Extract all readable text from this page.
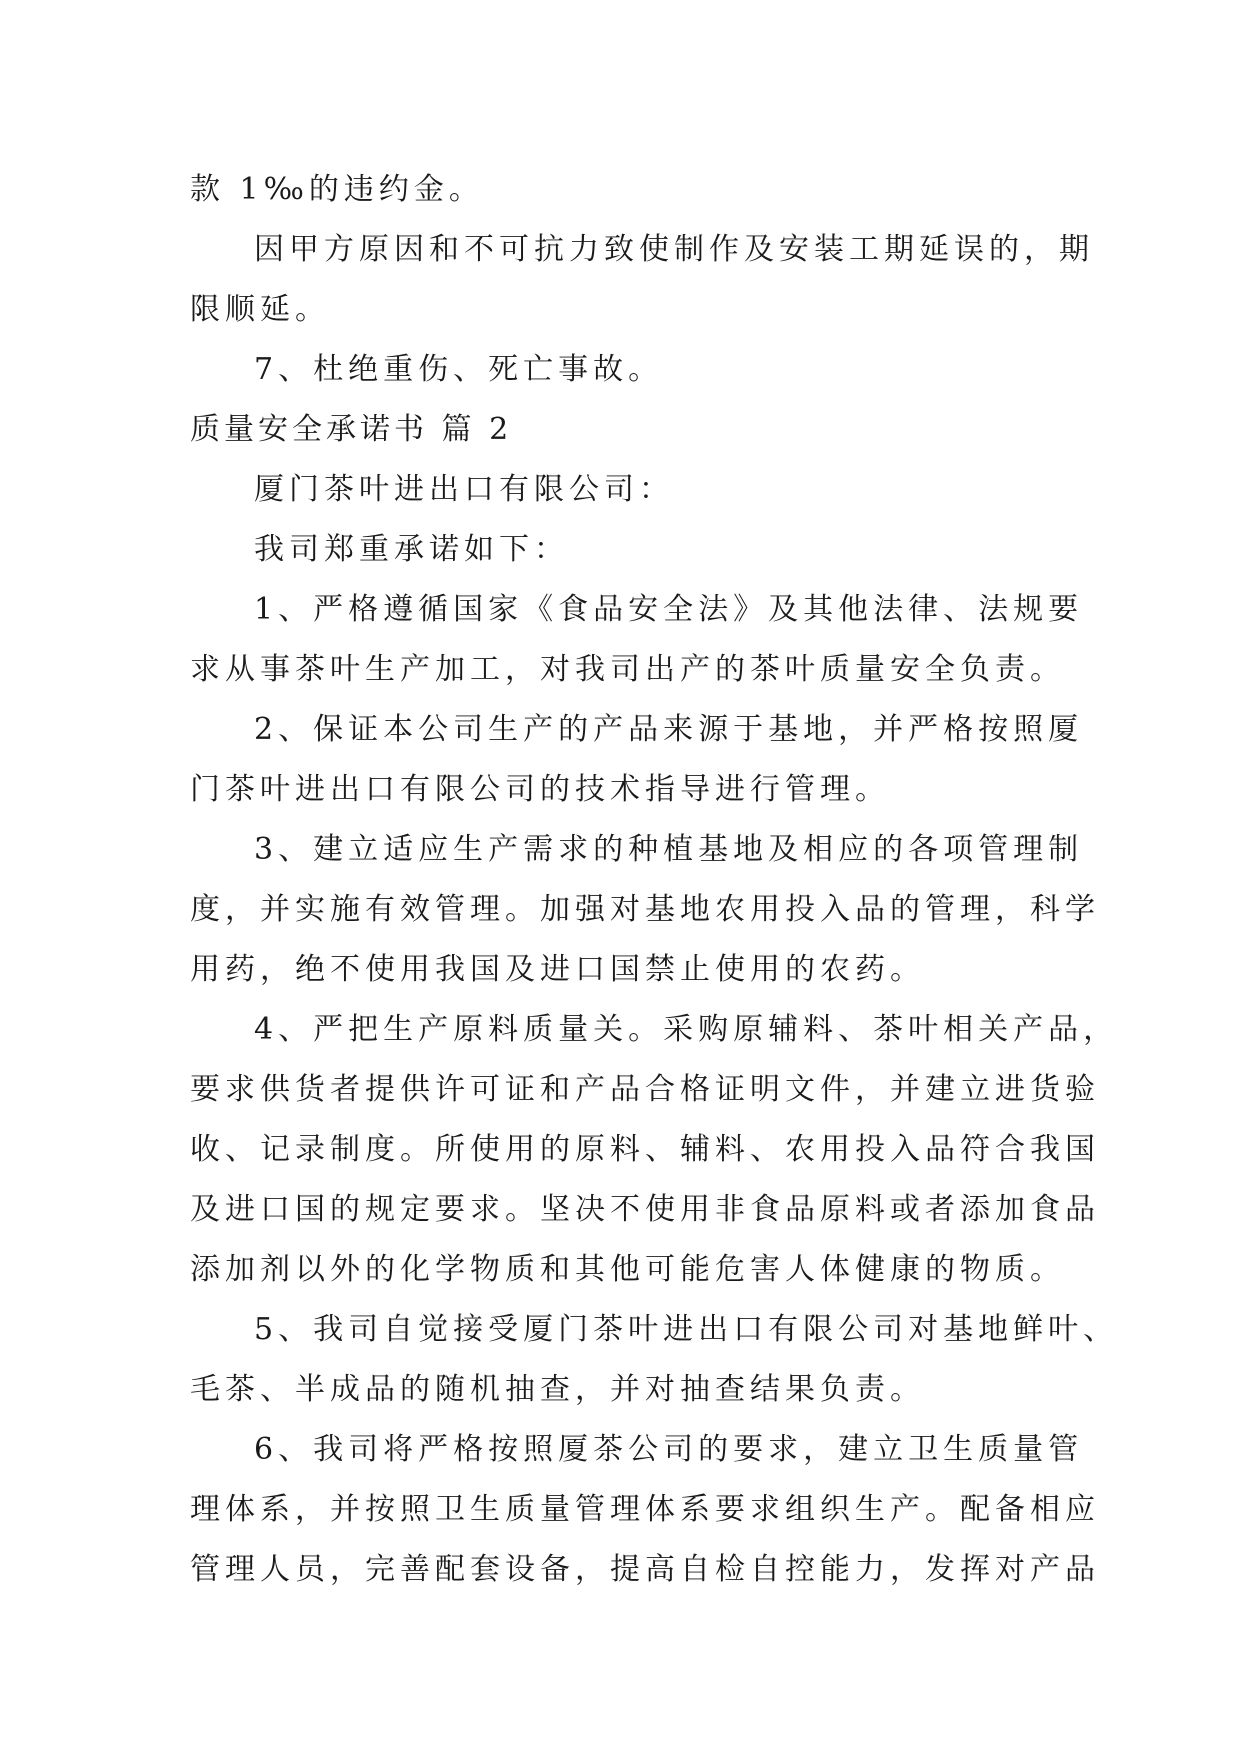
款 1‰的违约金。
因甲方原因和不可抗力致使制作及安装工期延误的，期
限顺延。
7、杜绝重伤、死亡事故。
质量安全承诺书 篇 2
厦门茶叶进出口有限公司：
我司郑重承诺如下：
1、严格遵循国家《食品安全法》及其他法律、法规要
求从事茶叶生产加工，对我司出产的茶叶质量安全负责。
2、保证本公司生产的产品来源于基地，并严格按照厦
门茶叶进出口有限公司的技术指导进行管理。
3、建立适应生产需求的种植基地及相应的各项管理制
度，并实施有效管理。加强对基地农用投入品的管理，科学
用药，绝不使用我国及进口国禁止使用的农药。
4、严把生产原料质量关。采购原辅料、茶叶相关产品，
要求供货者提供许可证和产品合格证明文件，并建立进货验
收、记录制度。所使用的原料、辅料、农用投入品符合我国
及进口国的规定要求。坚决不使用非食品原料或者添加食品
添加剂以外的化学物质和其他可能危害人体健康的物质。
5、我司自觉接受厦门茶叶进出口有限公司对基地鲜叶、
毛茶、半成品的随机抽查，并对抽查结果负责。
6、我司将严格按照厦茶公司的要求，建立卫生质量管
理体系，并按照卫生质量管理体系要求组织生产。配备相应
管理人员，完善配套设备，提高自检自控能力，发挥对产品
